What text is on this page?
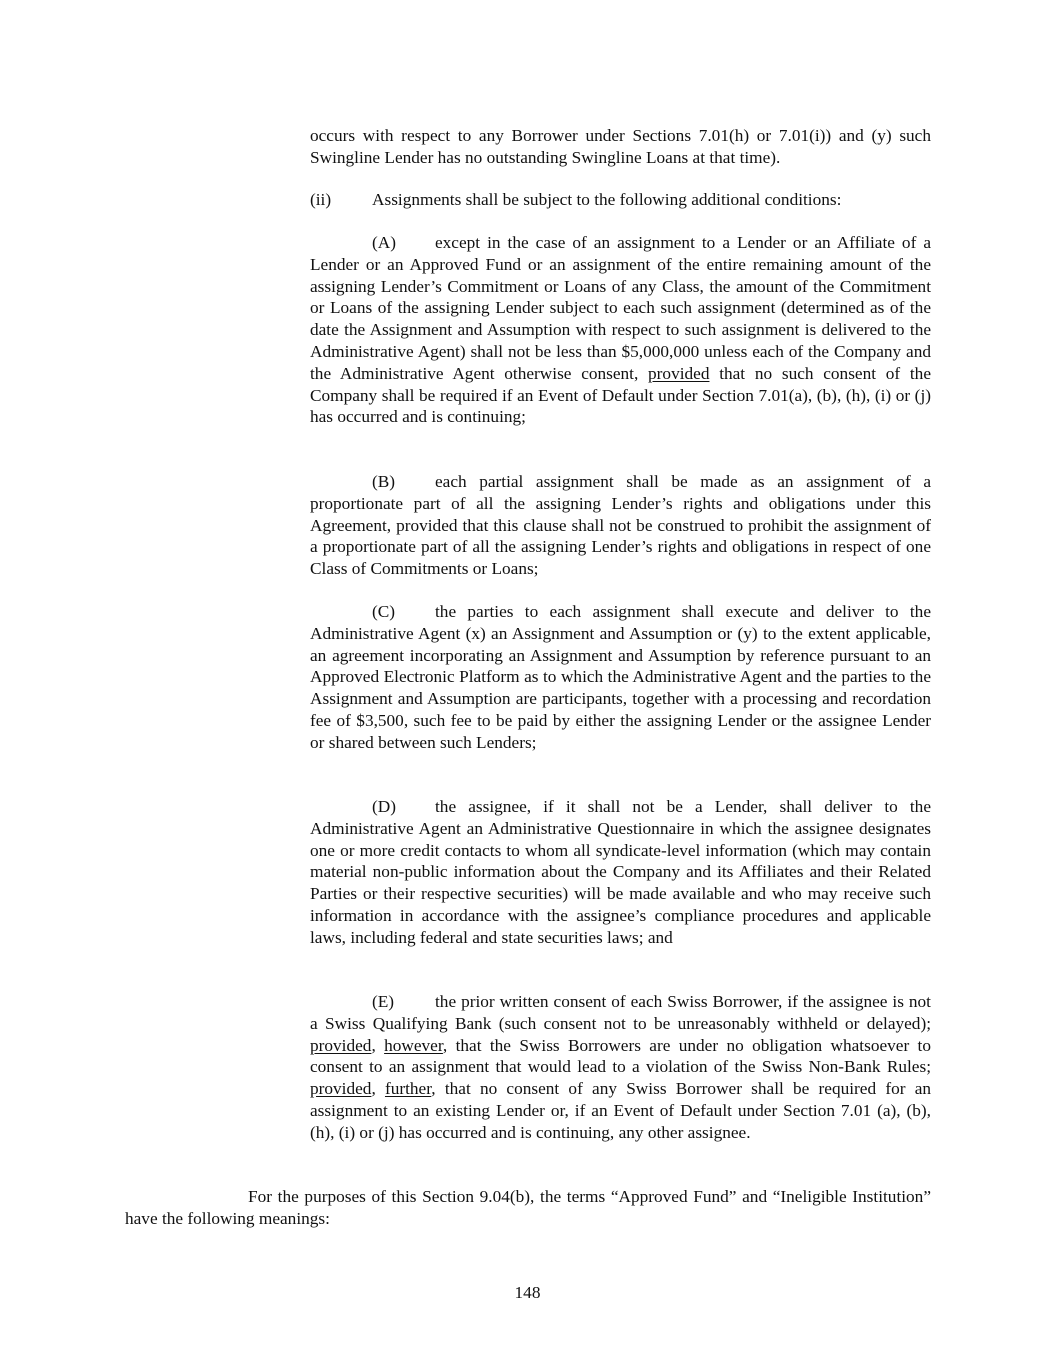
occurs with respect to any Borrower under Sections 7.01(h) or 7.01(i)) and (y) such Swingline Lender has no outstanding Swingline Loans at that time).

(ii) Assignments shall be subject to the following additional conditions:

(A) except in the case of an assignment to a Lender or an Affiliate of a Lender or an Approved Fund or an assignment of the entire remaining amount of the assigning Lender’s Commitment or Loans of any Class, the amount of the Commitment or Loans of the assigning Lender subject to each such assignment (determined as of the date the Assignment and Assumption with respect to such assignment is delivered to the Administrative Agent) shall not be less than $5,000,000 unless each of the Company and the Administrative Agent otherwise consent, provided that no such consent of the Company shall be required if an Event of Default under Section 7.01(a), (b), (h), (i) or (j) has occurred and is continuing;

(B) each partial assignment shall be made as an assignment of a proportionate part of all the assigning Lender’s rights and obligations under this Agreement, provided that this clause shall not be construed to prohibit the assignment of a proportionate part of all the assigning Lender’s rights and obligations in respect of one Class of Commitments or Loans;

(C) the parties to each assignment shall execute and deliver to the Administrative Agent (x) an Assignment and Assumption or (y) to the extent applicable, an agreement incorporating an Assignment and Assumption by reference pursuant to an Approved Electronic Platform as to which the Administrative Agent and the parties to the Assignment and Assumption are participants, together with a processing and recordation fee of $3,500, such fee to be paid by either the assigning Lender or the assignee Lender or shared between such Lenders;

(D) the assignee, if it shall not be a Lender, shall deliver to the Administrative Agent an Administrative Questionnaire in which the assignee designates one or more credit contacts to whom all syndicate-level information (which may contain material non-public information about the Company and its Affiliates and their Related Parties or their respective securities) will be made available and who may receive such information in accordance with the assignee’s compliance procedures and applicable laws, including federal and state securities laws; and

(E) the prior written consent of each Swiss Borrower, if the assignee is not a Swiss Qualifying Bank (such consent not to be unreasonably withheld or delayed); provided, however, that the Swiss Borrowers are under no obligation whatsoever to consent to an assignment that would lead to a violation of the Swiss Non-Bank Rules; provided, further, that no consent of any Swiss Borrower shall be required for an assignment to an existing Lender or, if an Event of Default under Section 7.01 (a), (b), (h), (i) or (j) has occurred and is continuing, any other assignee.

For the purposes of this Section 9.04(b), the terms “Approved Fund” and “Ineligible Institution” have the following meanings:

148
